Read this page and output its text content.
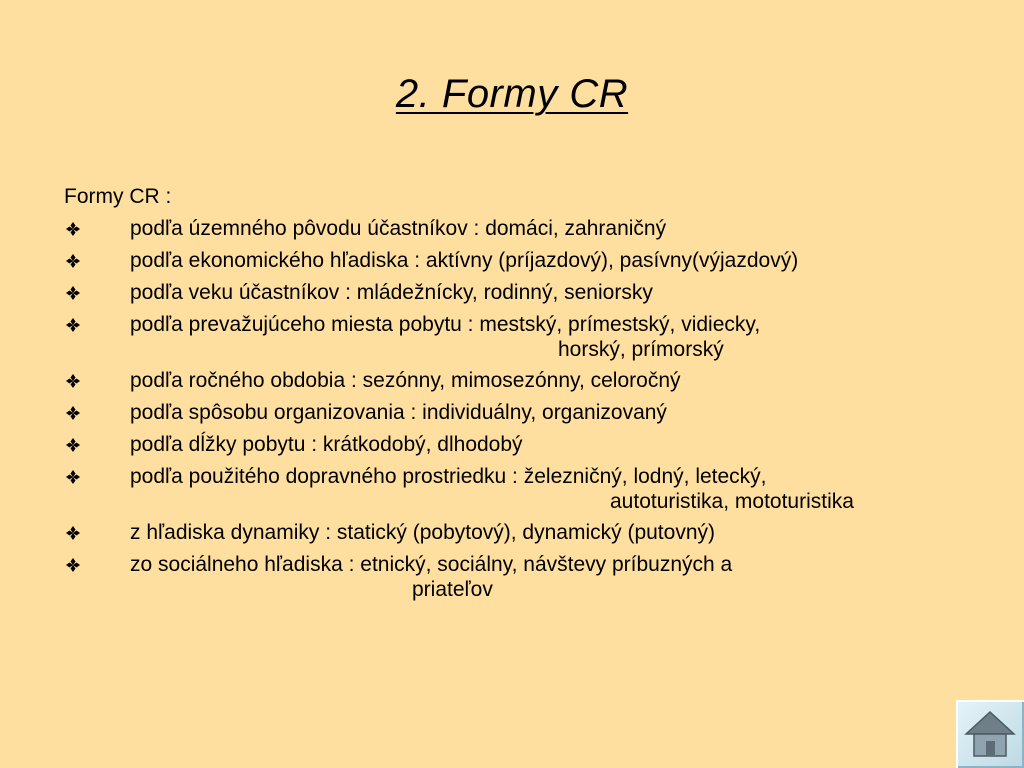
2. Formy CR
Formy CR :
podľa územného pôvodu účastníkov : domáci, zahraničný
podľa ekonomického hľadiska : aktívny (príjazdový), pasívny(výjazdový)
podľa veku účastníkov : mládežnícky, rodinný, seniorsky
podľa prevažujúceho miesta pobytu : mestský, prímestský, vidiecky,
horský, prímorský
podľa ročného obdobia : sezónny, mimosezónny, celoročný
podľa spôsobu organizovania : individuálny, organizovaný
podľa dĺžky pobytu : krátkodobý, dlhodobý
podľa použitého dopravného prostriedku : železničný, lodný, letecký,
autoturistika, mototuristika
z hľadiska dynamiky : statický (pobytový), dynamický (putovný)
zo sociálneho hľadiska : etnický, sociálny, návštevy príbuzných a
priateľov
